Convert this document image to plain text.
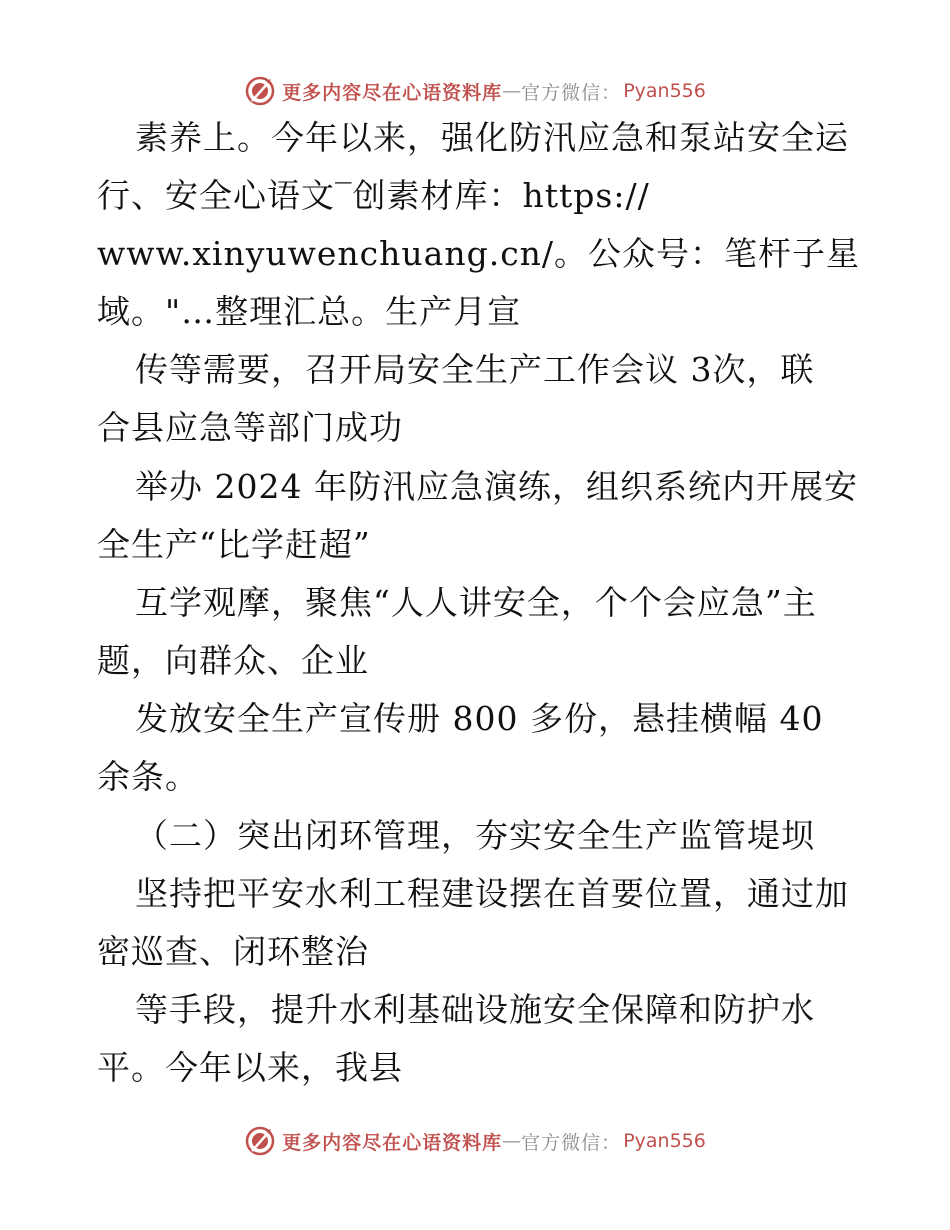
更多内容尽在心语资料库 — 官方微信： Pyan556
素养上。今年以来，强化防汛应急和泵站安全运
行、安全心语文‾创素材库：https://
www.xinyuwenchuang.cn/。公众号：笔杆子星
域。"…整理汇总。生产月宣
传等需要，召开局安全生产工作会议 3次，联
合县应急等部门成功
举办 2024 年防汛应急演练，组织系统内开展安
全生产“比学赶超”
互学观摩，聚焦“人人讲安全，个个会应急”主
题，向群众、企业
发放安全生产宣传册 800 多份，悬挂横幅 40
余条。
（二）突出闭环管理，夯实安全生产监管堤坝
坚持把平安水利工程建设摆在首要位置，通过加
密巡查、闭环整治
等手段，提升水利基础设施安全保障和防护水
平。今年以来，我县
更多内容尽在心语资料库 — 官方微信： Pyan556
